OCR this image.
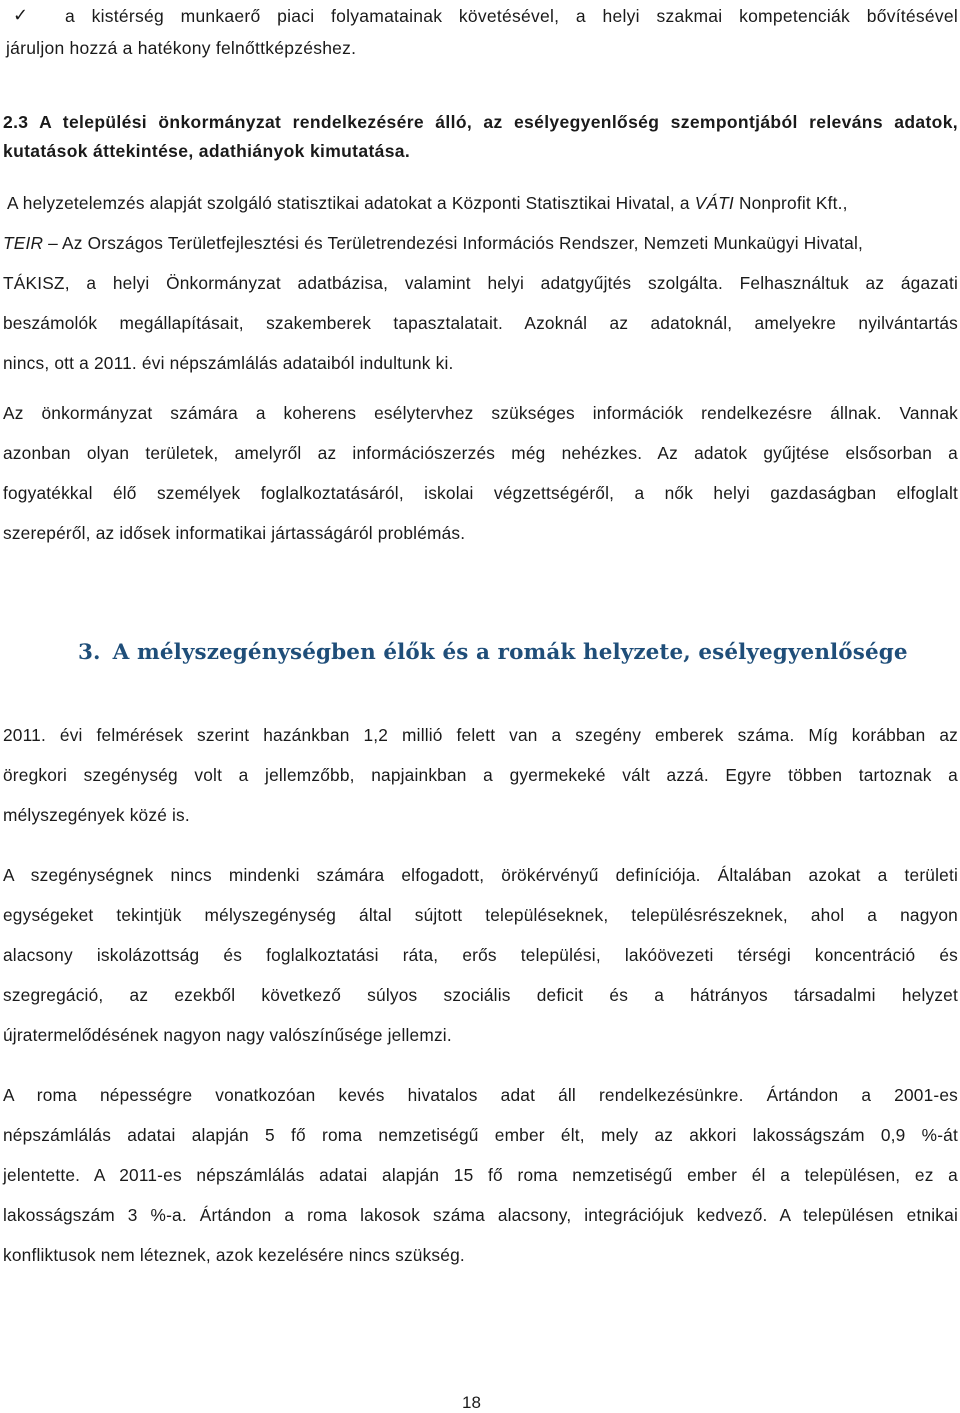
✓ a kistérség munkaerő piaci folyamatainak követésével, a helyi szakmai kompetenciák bővítésével
járuljon hozzá a hatékony felnőttképzéshez.
2.3 A települési önkormányzat rendelkezésére álló, az esélyegyenlőség szempontjából releváns adatok,
kutatások áttekintése, adathiányok kimutatása.
A helyzetelemzés alapját szolgáló statisztikai adatokat a Központi Statisztikai Hivatal, a VÁTI Nonprofit Kft.,
TEIR – Az Országos Területfejlesztési és Területrendezési Információs Rendszer, Nemzeti Munkaügyi Hivatal,
TÁKISZ, a helyi Önkormányzat adatbázisa, valamint helyi adatgyűjtés szolgálta. Felhasználtuk az ágazati
beszámolók megállapításait, szakemberek tapasztalatait. Azoknál az adatoknál, amelyekre nyilvántartás
nincs, ott a 2011. évi népszámlálás adataiból indultunk ki.
Az önkormányzat számára a koherens esélytervhez szükséges információk rendelkezésre állnak. Vannak
azonban olyan területek, amelyről az információszerzés még nehézkes. Az adatok gyűjtése elsősorban a
fogyatékkal élő személyek foglalkoztatásáról, iskolai végzettségéről, a nők helyi gazdaságban elfoglalt
szerepéről, az idősek informatikai jártasságáról problémás.
3. A mélyszegénységben élők és a romák helyzete, esélyegyenlősége
2011. évi felmérések szerint hazánkban 1,2 millió felett van a szegény emberek száma. Míg korábban az
öregkori szegénység volt a jellemzőbb, napjainkban a gyermekeké vált azzá. Egyre többen tartoznak a
mélyszegények közé is.
A szegénységnek nincs mindenki számára elfogadott, örökérvényű definíciója. Általában azokat a területi
egységeket tekintjük mélyszegénység által sújtott településeknek, településrészeknek, ahol a nagyon
alacsony iskolázottság és foglalkoztatási ráta, erős települési, lakóövezeti térségi koncentráció és
szegregáció, az ezekből következő súlyos szociális deficit és a hátrányos társadalmi helyzet
újratermelődésének nagyon nagy valószínűsége jellemzi.
A roma népességre vonatkozóan kevés hivatalos adat áll rendelkezésünkre. Ártándon a 2001-es
népszámlálás adatai alapján 5 fő roma nemzetiségű ember élt, mely az akkori lakosságszám 0,9 %-át
jelentette. A 2011-es népszámlálás adatai alapján 15 fő roma nemzetiségű ember él a településen, ez a
lakosságszám 3 %-a. Ártándon a roma lakosok száma alacsony, integrációjuk kedvező. A településen etnikai
konfliktusok nem léteznek, azok kezelésére nincs szükség.
18
